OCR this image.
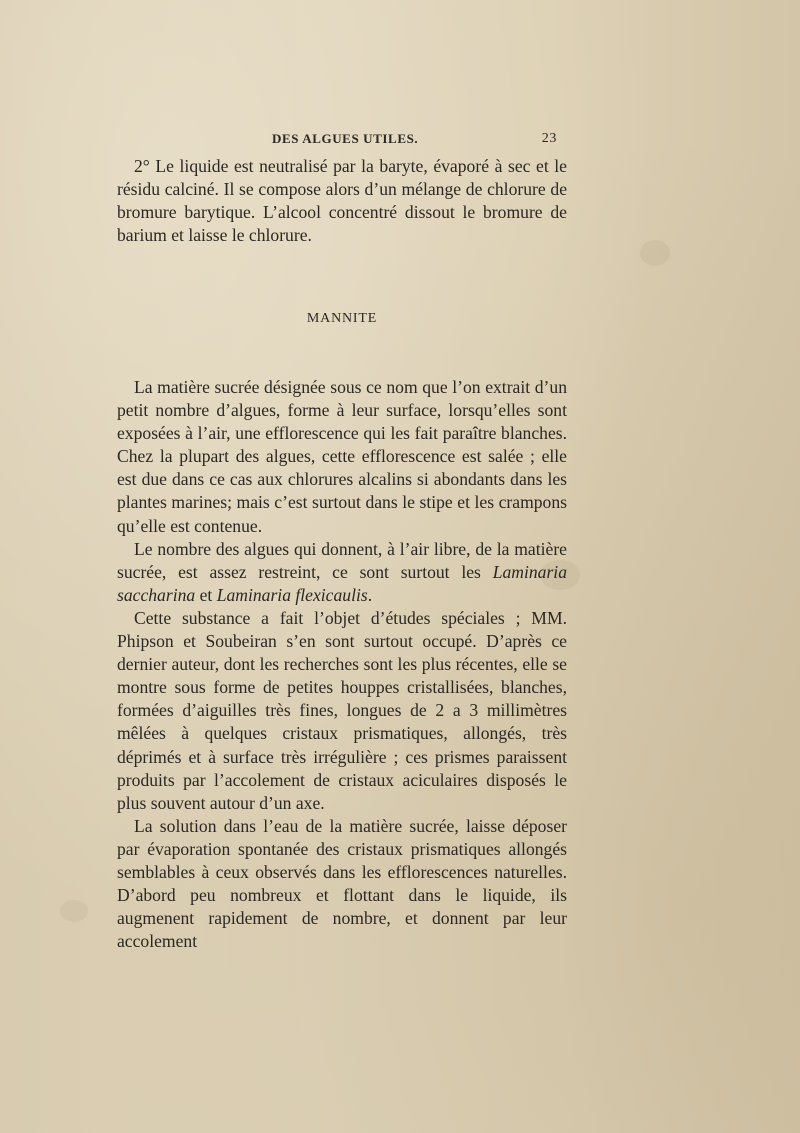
DES ALGUES UTILES.	23

2° Le liquide est neutralisé par la baryte, évaporé à sec et le résidu calciné. Il se compose alors d’un mélange de chlorure de bromure barytique. L’alcool concentré dissout le bromure de barium et laisse le chlorure.

MANNITE

La matière sucrée désignée sous ce nom que l’on extrait d’un petit nombre d’algues, forme à leur surface, lorsqu’elles sont exposées à l’air, une efflorescence qui les fait paraître blanches. Chez la plupart des algues, cette efflorescence est salée ; elle est due dans ce cas aux chlorures alcalins si abondants dans les plantes marines; mais c’est surtout dans le stipe et les crampons qu’elle est contenue.

Le nombre des algues qui donnent, à l’air libre, de la matière sucrée, est assez restreint, ce sont surtout les Laminaria saccharina et Laminaria flexicaulis.

Cette substance a fait l’objet d’études spéciales ; MM. Phipson et Soubeiran s’en sont surtout occupé. D’après ce dernier auteur, dont les recherches sont les plus récentes, elle se montre sous forme de petites houppes cristallisées, blanches, formées d’aiguilles très fines, longues de 2 a 3 millimètres mêlées à quelques cristaux prismatiques, allongés, très déprimés et à surface très irrégulière ; ces prismes paraissent produits par l’accolement de cristaux aciculaires disposés le plus souvent autour d’un axe.

La solution dans l’eau de la matière sucrée, laisse déposer par évaporation spontanée des cristaux prismatiques allongés semblables à ceux observés dans les efflorescences naturelles. D’abord peu nombreux et flottant dans le liquide, ils augmenent rapidement de nombre, et donnent par leur accolement
